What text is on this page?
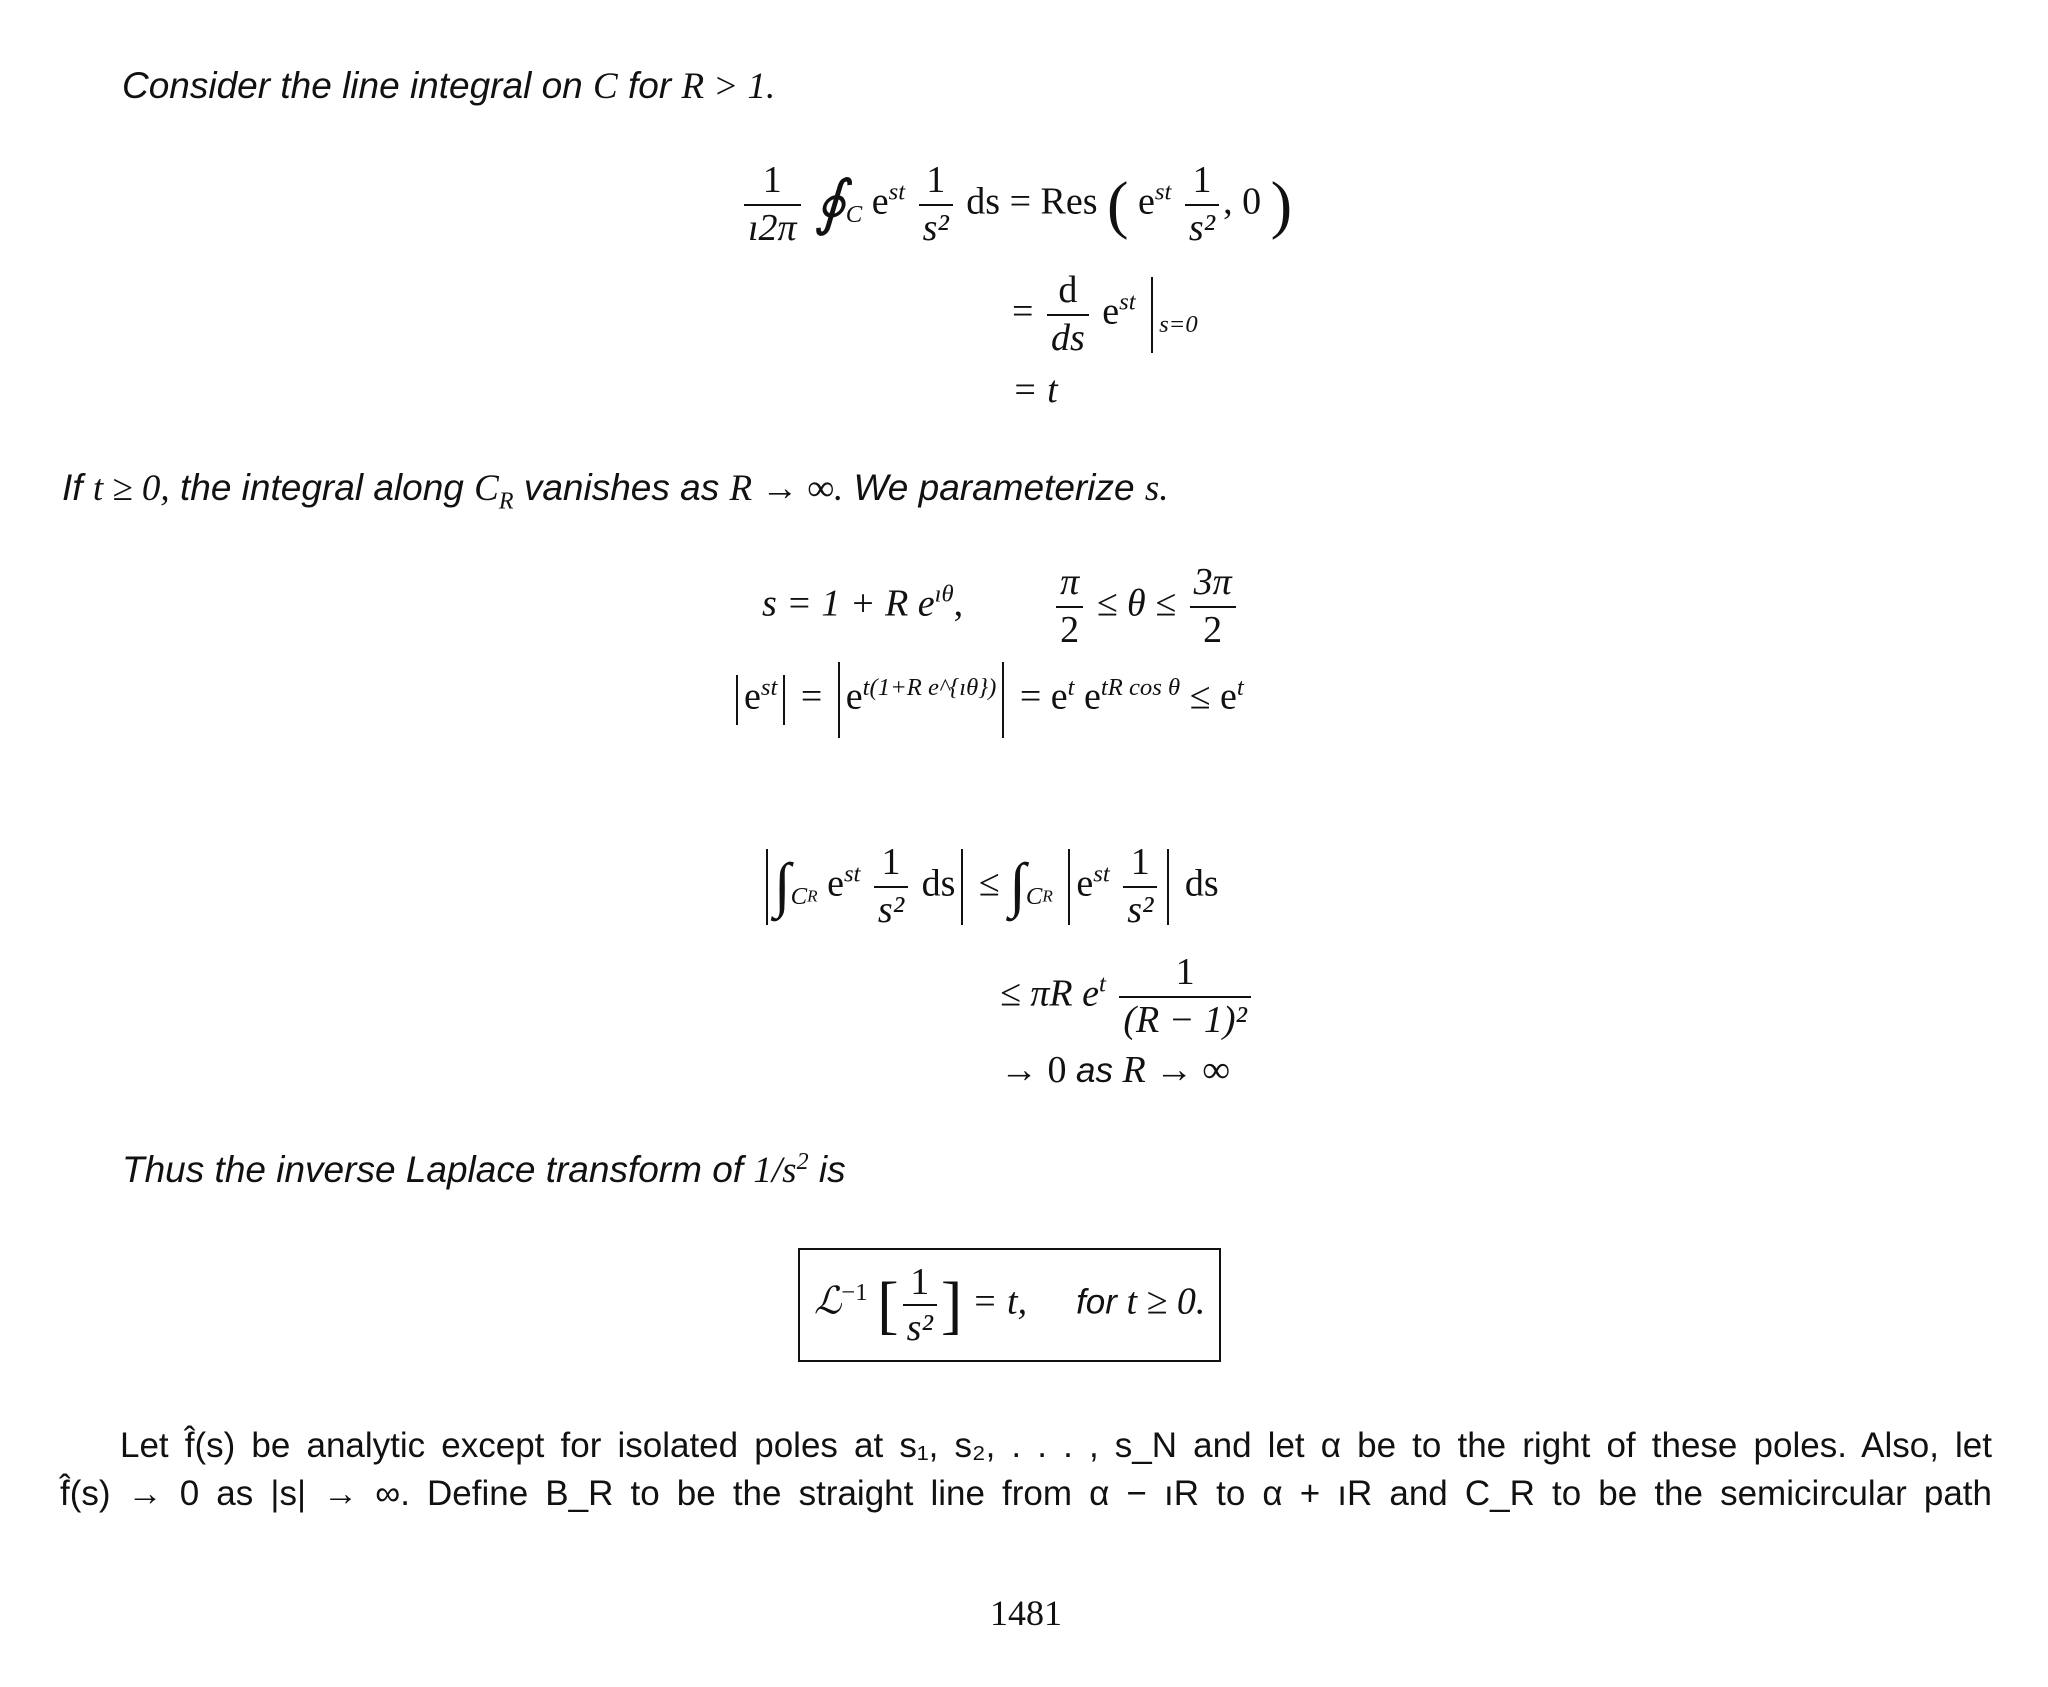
Consider the line integral on C for R > 1.
$\frac{1}{ı2\pi}$ $∮_C$ $e^{st} \frac{1}{\text{s²}}$ ds = Res ( $e^{st} \frac{1}{\text{s²}}$ , 0 )
= $\frac{d}{ds} e^{st}$ $_{s=0}$
= t
If t ≥ 0, the integral along $C_R$ vanishes as R → ∞. We parameterize s.
s = 1 + R $e^{ı\theta}$, $\frac{\pi}{2} \le \theta \le \frac{3\pi}{2}$
$e^{st} = e^{t(1+R e\^{}\{ı\theta\})} = e^t$ $e^{tR cos \theta} \le e^t$
$\int_{CR}$ $e^{st} \frac{1}{\text{s²}}$ ds ≤ $\int_{CR}$ $e^{st} \frac{1}{\text{s²}}$ ds
≤ πR $e^t \frac{1}{\text{(R − 1)²}}$
→ 0 as R → ∞
Thus the inverse Laplace transform of $1/s^2$ is
ℒ$^{-1}$ [ $\frac{1}{\text{s²}}$ ] = t, for t ≥ 0.
Let f̂(s) be analytic except for isolated poles at s₁, s₂, . . . , s_N and let α be to the right of these poles. Also, let
f̂(s) → 0 as |s| → ∞. Define B_R to be the straight line from α − ıR to α + ıR and C_R to be the semicircular path
1481
